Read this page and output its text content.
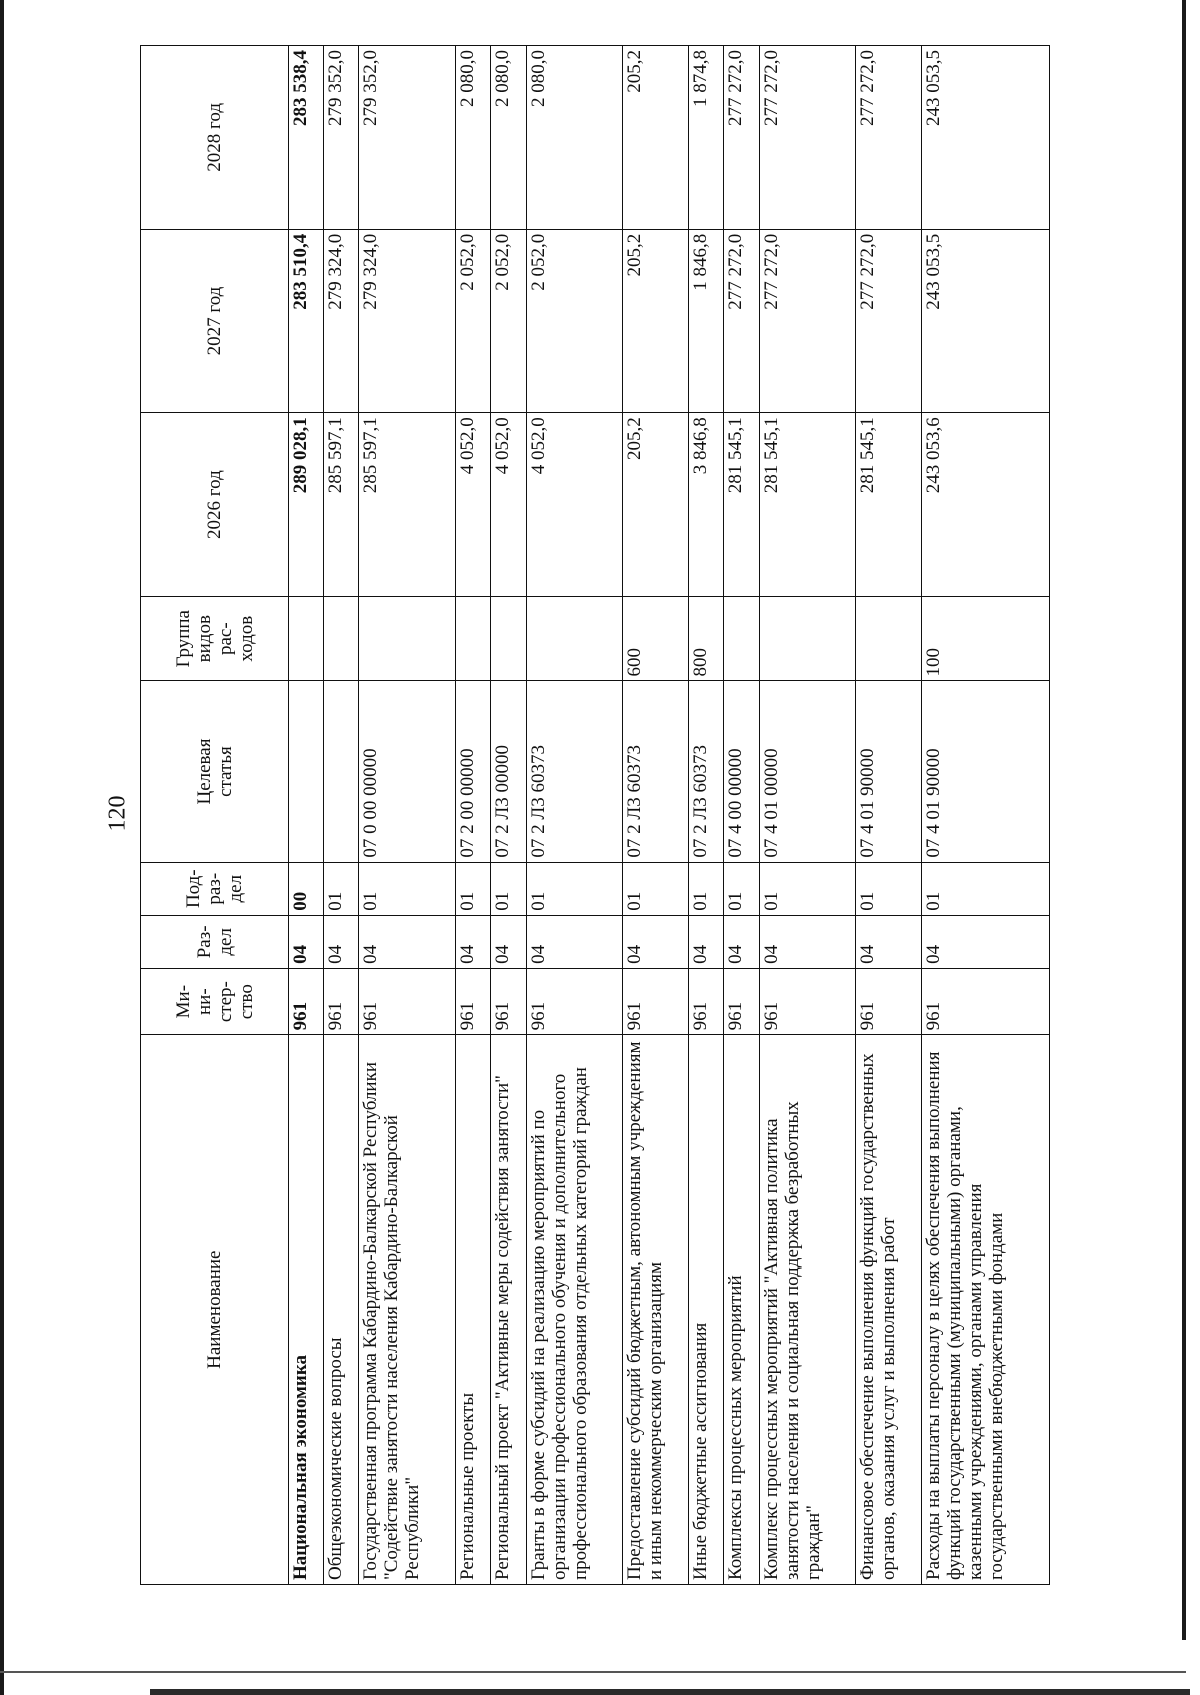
120
Наименование	Ми-
ни-
стер-
ство	Раз-
дел	Под-
раз-
дел	Целевая
статья	Группа
видов
рас-
ходов	2026 год	2027 год	2028 год
Национальная экономика	961	04	00			289 028,1	283 510,4	283 538,4
Общеэкономические вопросы	961	04	01			285 597,1	279 324,0	279 352,0
Государственная программа Кабардино-Балкарской Республики "Содействие занятости населения Кабардино-Балкарской Республики"	961	04	01	07 0 00 00000		285 597,1	279 324,0	279 352,0
Региональные проекты	961	04	01	07 2 00 00000		4 052,0	2 052,0	2 080,0
Региональный проект "Активные меры содействия занятости"	961	04	01	07 2 Л3 00000		4 052,0	2 052,0	2 080,0
Гранты в форме субсидий на реализацию мероприятий по организации профессионального обучения и дополнительного профессионального образования отдельных категорий граждан	961	04	01	07 2 Л3 60373		4 052,0	2 052,0	2 080,0
Предоставление субсидий бюджетным, автономным учреждениям и иным некоммерческим организациям	961	04	01	07 2 Л3 60373	600	205,2	205,2	205,2
Иные бюджетные ассигнования	961	04	01	07 2 Л3 60373	800	3 846,8	1 846,8	1 874,8
Комплексы процессных мероприятий	961	04	01	07 4 00 00000		281 545,1	277 272,0	277 272,0
Комплекс процессных мероприятий "Активная политика занятости населения и социальная поддержка безработных граждан"	961	04	01	07 4 01 00000		281 545,1	277 272,0	277 272,0
Финансовое обеспечение выполнения функций государственных органов, оказания услуг и выполнения работ	961	04	01	07 4 01 90000		281 545,1	277 272,0	277 272,0
Расходы на выплаты персоналу в целях обеспечения выполнения функций государственными (муниципальными) органами, казенными учреждениями, органами управления государственными внебюджетными фондами	961	04	01	07 4 01 90000	100	243 053,6	243 053,5	243 053,5
